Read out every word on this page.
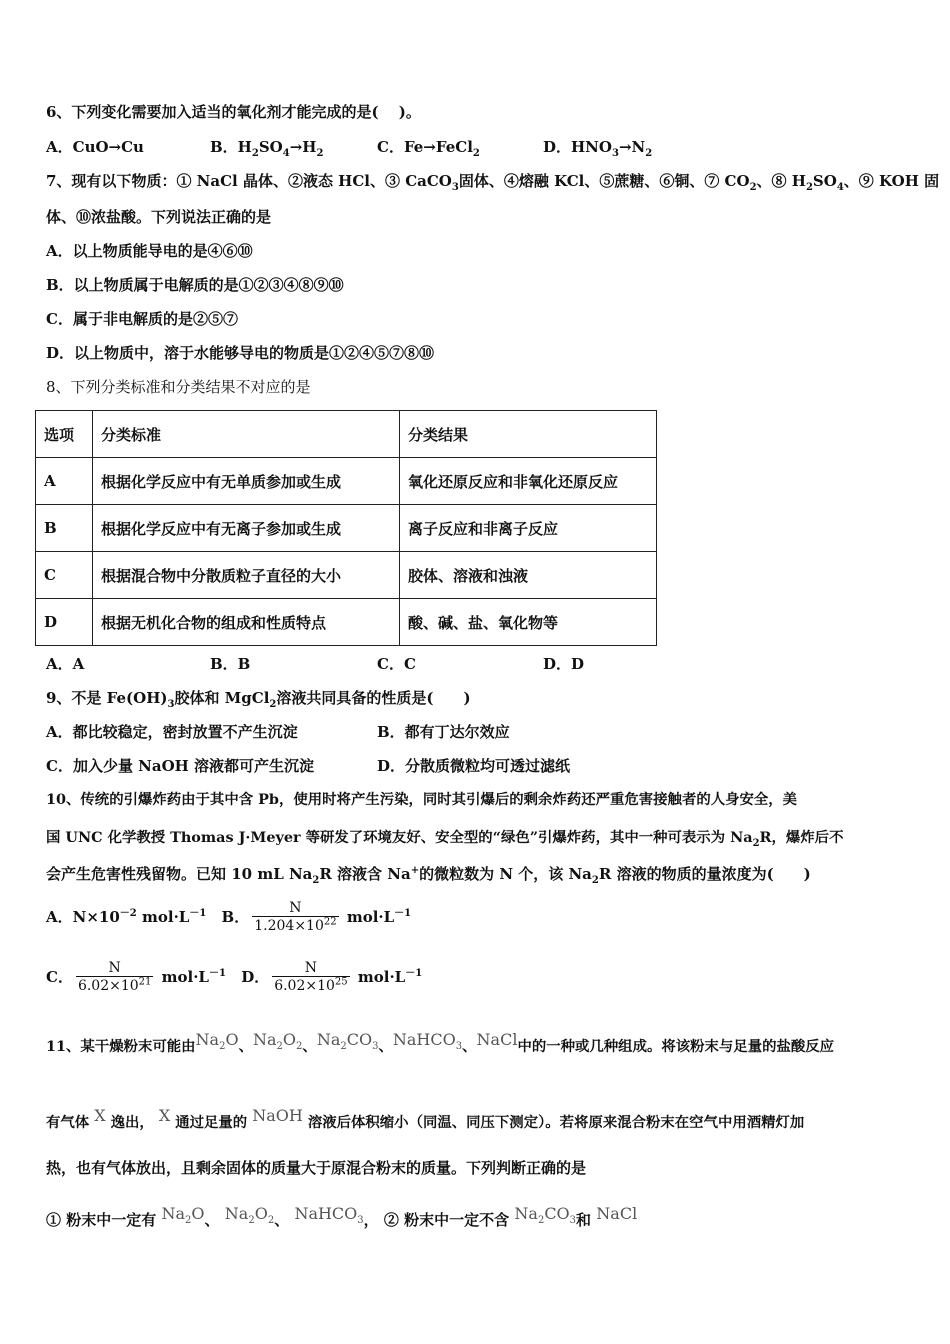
6、下列变化需要加入适当的氧化剂才能完成的是(　 )。
A．CuO→Cu	B．$H_2SO_4\to H_2$	C．Fe→FeCl$_2$	D．$HNO_3\to N_2$
7、现有以下物质：① NaCl 晶体、②液态 HCl、③ CaCO$_3$固体、④熔融 KCl、⑤蔗糖、⑥铜、⑦ $CO_2$、⑧ $H_2SO_4$、⑨ KOH 固
体、⑩浓盐酸。下列说法正确的是
A．以上物质能导电的是④⑥⑩
B．以上物质属于电解质的是①②③④⑧⑨⑩
C．属于非电解质的是②⑤⑦
D．以上物质中，溶于水能够导电的物质是①②④⑤⑦⑧⑩
8、下列分类标准和分类结果不对应的是
选项	分类标准	分类结果
A	根据化学反应中有无单质参加或生成	氧化还原反应和非氧化还原反应
B	根据化学反应中有无离子参加或生成	离子反应和非离子反应
C	根据混合物中分散质粒子直径的大小	胶体、溶液和浊液
D	根据无机化合物的组成和性质特点	酸、碱、盐、氧化物等
A．A	B．B	C．C	D．D
9、不是 $Fe(OH)_3$胶体和 MgCl$_2$溶液共同具备的性质是(　　)
A．都比较稳定，密封放置不产生沉淀	B．都有丁达尔效应
C．加入少量 NaOH 溶液都可产生沉淀	D．分散质微粒均可透过滤纸
10、传统的引爆炸药由于其中含 Pb，使用时将产生污染，同时其引爆后的剩余炸药还严重危害接触者的人身安全，美
国 UNC 化学教授 Thomas J·Meyer 等研发了环境友好、安全型的“绿色”引爆炸药，其中一种可表示为 $Na_2R$，爆炸后不
会产生危害性残留物。已知 10 mL $Na_2R$ 溶液含 Na+的微粒数为 N 个，该 $Na_2R$ 溶液的物质的量浓度为(　　)
A．$N\times 10^{-2}$ $mol\cdot L^{-1}$ B． $\frac{N}{1.204\times 10^{22}} mol\cdot L^{-1}$
C． $\frac{N}{6.02\times 10^{21}} mol\cdot L^{-1}$ D． $\frac{N}{6.02\times 10^{25}} mol\cdot L^{-1}$
11、某干燥粉末可能由$Na_2O$、$Na_2O_2$、$Na_2CO_3$、NaHCO$_3$、NaCl中的一种或几种组成。将该粉末与足量的盐酸反应
有气体 X 逸出， X 通过足量的 NaOH 溶液后体积缩小（同温、同压下测定）。若将原来混合粉末在空气中用酒精灯加
热，也有气体放出，且剩余固体的质量大于原混合粉末的质量。下列判断正确的是
① 粉末中一定有 $Na_2O$、 $Na_2O_2$、 NaHCO$_3$， ② 粉末中一定不含 $Na_2CO_3$和 NaCl
